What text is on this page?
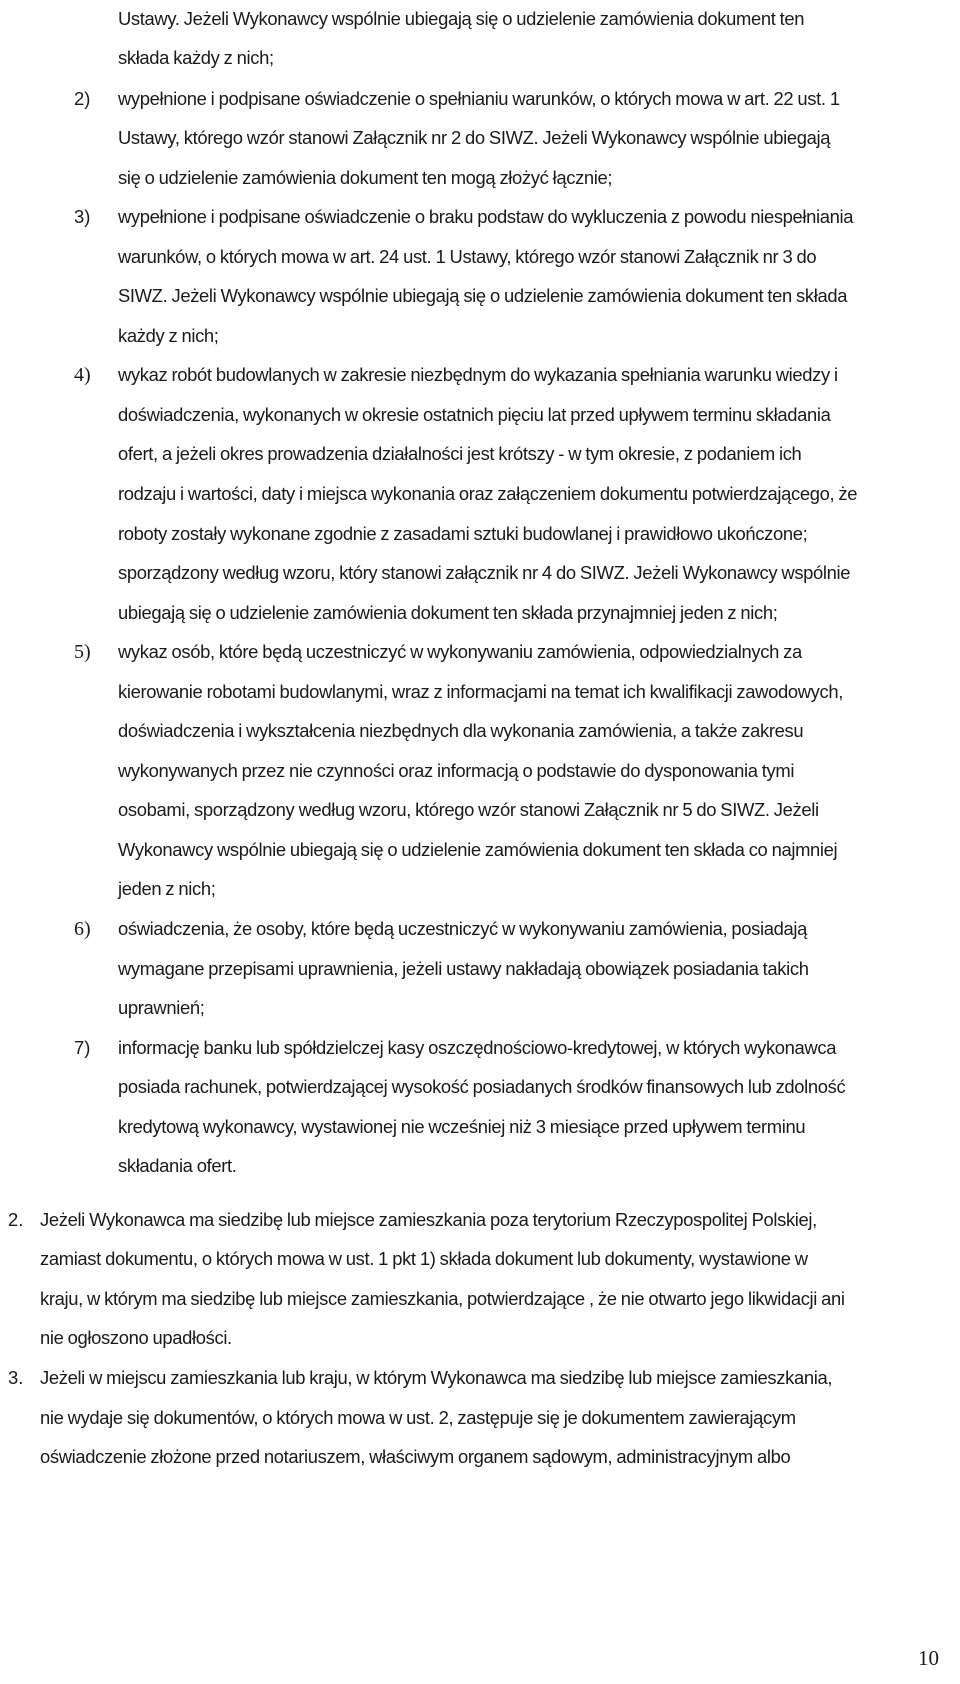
Ustawy. Jeżeli Wykonawcy wspólnie ubiegają się o udzielenie zamówienia dokument ten
składa każdy z nich;
2) wypełnione i podpisane oświadczenie o spełnianiu warunków, o których mowa w art. 22 ust. 1
Ustawy, którego wzór stanowi Załącznik nr 2 do SIWZ. Jeżeli Wykonawcy wspólnie ubiegają
się o udzielenie zamówienia dokument ten mogą złożyć łącznie;
3) wypełnione i podpisane oświadczenie o braku podstaw do wykluczenia z powodu niespełniania
warunków, o których mowa w art. 24 ust. 1 Ustawy, którego wzór stanowi Załącznik nr 3 do
SIWZ. Jeżeli Wykonawcy wspólnie ubiegają się o udzielenie zamówienia dokument ten składa
każdy z nich;
4) wykaz robót budowlanych w zakresie niezbędnym do wykazania spełniania warunku wiedzy i
doświadczenia, wykonanych w okresie ostatnich pięciu lat przed upływem terminu składania
ofert, a jeżeli okres prowadzenia działalności jest krótszy - w tym okresie, z podaniem ich
rodzaju i wartości, daty i miejsca wykonania oraz załączeniem dokumentu potwierdzającego, że
roboty zostały wykonane zgodnie z zasadami sztuki budowlanej i prawidłowo ukończone;
sporządzony według wzoru, który stanowi załącznik nr 4 do SIWZ. Jeżeli Wykonawcy wspólnie
ubiegają się o udzielenie zamówienia dokument ten składa przynajmniej jeden z nich;
5) wykaz osób, które będą uczestniczyć w wykonywaniu zamówienia, odpowiedzialnych za
kierowanie robotami budowlanymi, wraz z informacjami na temat ich kwalifikacji zawodowych,
doświadczenia i wykształcenia niezbędnych dla wykonania zamówienia, a także zakresu
wykonywanych przez nie czynności oraz informacją o podstawie do dysponowania tymi
osobami, sporządzony według wzoru, którego wzór stanowi Załącznik nr 5 do SIWZ. Jeżeli
Wykonawcy wspólnie ubiegają się o udzielenie zamówienia dokument ten składa co najmniej
jeden z nich;
6) oświadczenia, że osoby, które będą uczestniczyć w wykonywaniu zamówienia, posiadają
wymagane przepisami uprawnienia, jeżeli ustawy nakładają obowiązek posiadania takich
uprawnień;
7) informację banku lub spółdzielczej kasy oszczędnościowo-kredytowej, w których wykonawca
posiada rachunek, potwierdzającej wysokość posiadanych środków finansowych lub zdolność
kredytową wykonawcy, wystawionej nie wcześniej niż 3 miesiące przed upływem terminu
składania ofert.
2. Jeżeli Wykonawca ma siedzibę lub miejsce zamieszkania poza terytorium Rzeczypospolitej Polskiej,
zamiast dokumentu, o których mowa w ust. 1 pkt 1) składa dokument lub dokumenty, wystawione w
kraju, w którym ma siedzibę lub miejsce zamieszkania, potwierdzające , że nie otwarto jego likwidacji ani
nie ogłoszono upadłości.
3. Jeżeli w miejscu zamieszkania lub kraju, w którym Wykonawca ma siedzibę lub miejsce zamieszkania,
nie wydaje się dokumentów, o których mowa w ust. 2, zastępuje się je dokumentem zawierającym
oświadczenie złożone przed notariuszem, właściwym organem sądowym, administracyjnym albo
10
